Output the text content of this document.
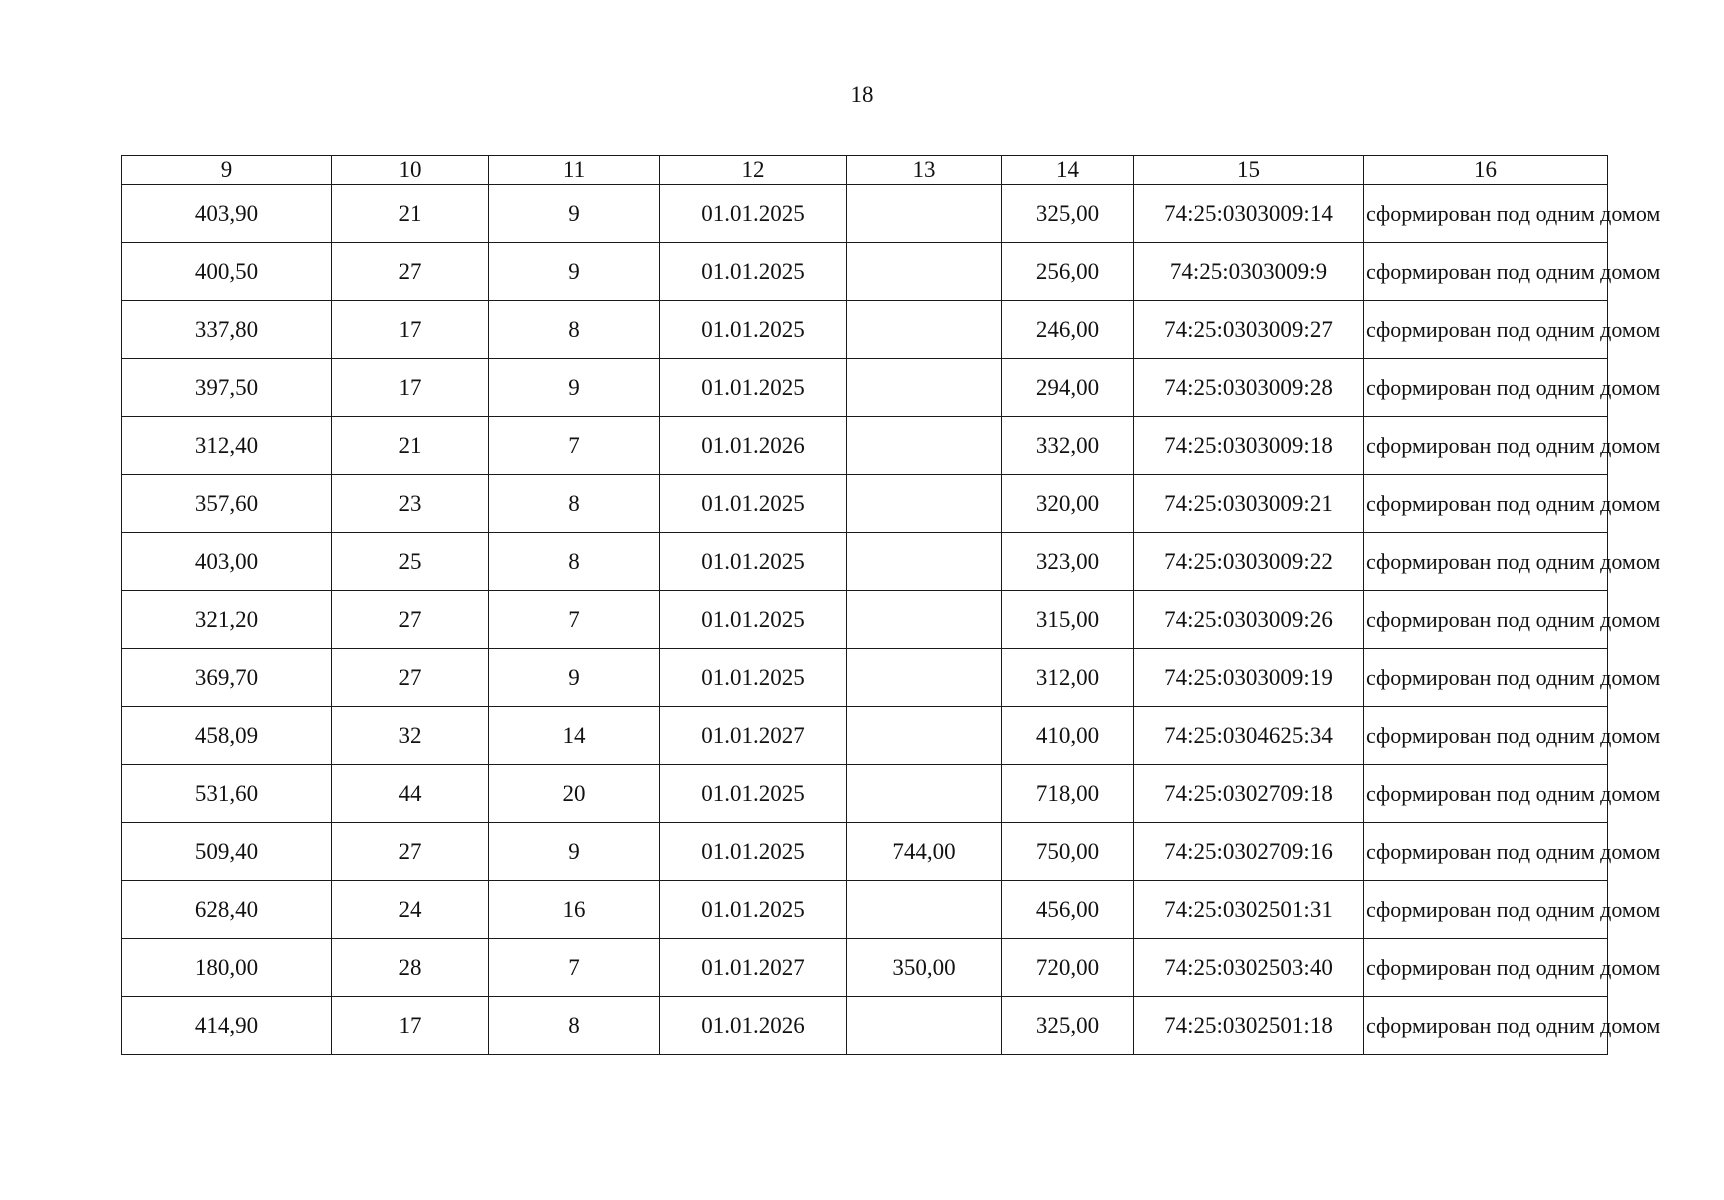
18
9	10	11	12	13	14	15	16
403,90	21	9	01.01.2025		325,00	74:25:0303009:14	сформирован под одним домом

400,50	27	9	01.01.2025		256,00	74:25:0303009:9	сформирован под одним домом

337,80	17	8	01.01.2025		246,00	74:25:0303009:27	сформирован под одним домом

397,50	17	9	01.01.2025		294,00	74:25:0303009:28	сформирован под одним домом

312,40	21	7	01.01.2026		332,00	74:25:0303009:18	сформирован под одним домом

357,60	23	8	01.01.2025		320,00	74:25:0303009:21	сформирован под одним домом

403,00	25	8	01.01.2025		323,00	74:25:0303009:22	сформирован под одним домом

321,20	27	7	01.01.2025		315,00	74:25:0303009:26	сформирован под одним домом

369,70	27	9	01.01.2025		312,00	74:25:0303009:19	сформирован под одним домом

458,09	32	14	01.01.2027		410,00	74:25:0304625:34	сформирован под одним домом

531,60	44	20	01.01.2025		718,00	74:25:0302709:18	сформирован под одним домом

509,40	27	9	01.01.2025	744,00	750,00	74:25:0302709:16	сформирован под одним домом

628,40	24	16	01.01.2025		456,00	74:25:0302501:31	сформирован под одним домом

180,00	28	7	01.01.2027	350,00	720,00	74:25:0302503:40	сформирован под одним домом

414,90	17	8	01.01.2026		325,00	74:25:0302501:18	сформирован под одним домом
